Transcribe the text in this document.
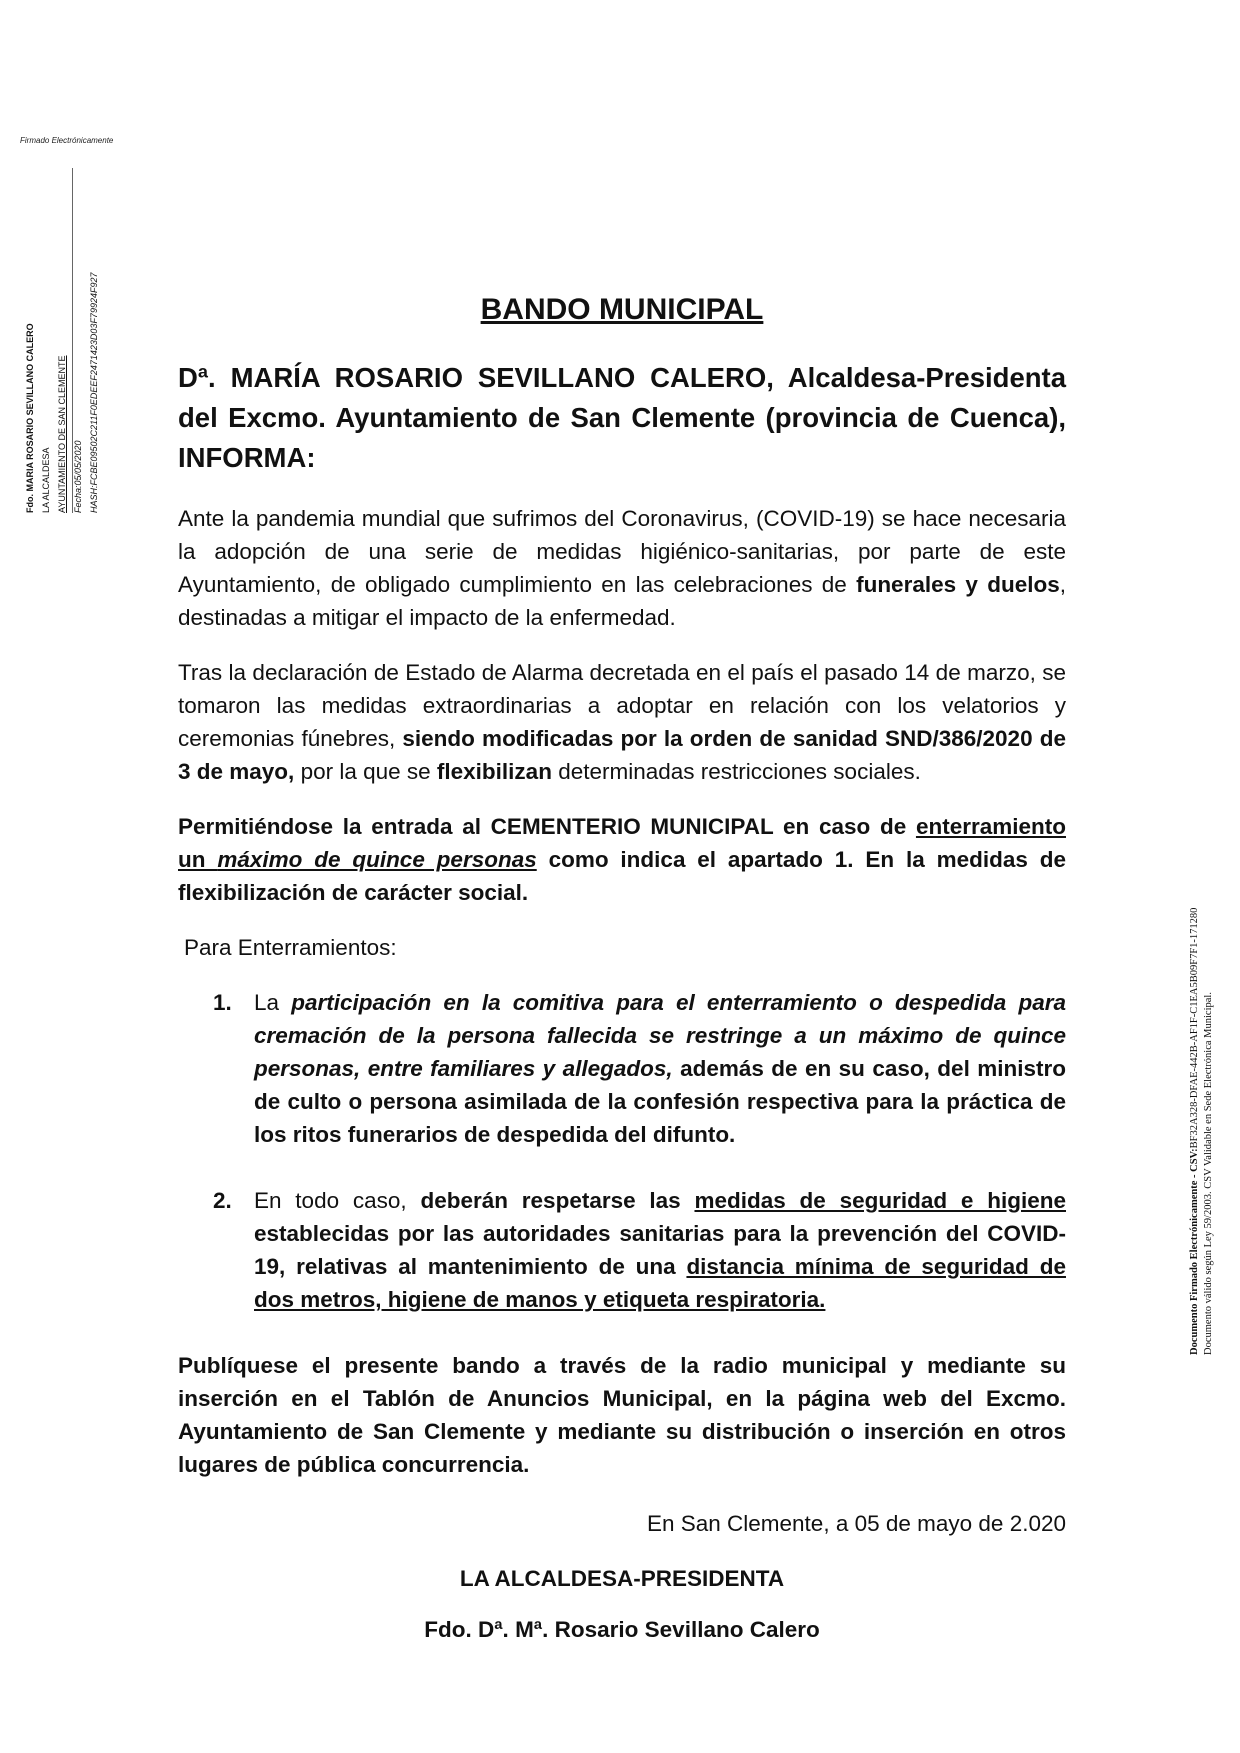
Firmado Electrónicamente
Fdo. MARIA ROSARIO SEVILLANO CALERO LA ALCALDESA AYUNTAMIENTO DE SAN CLEMENTE Fecha:05/05/2020 HASH:FCBE09502C211F0EDEEF2471423D03F79924F927
Documento Firmado Electrónicamente - CSV:BF32A328-DFAE-442B-AF1F-C1EA5B09F7F1-171280 Documento válido según Ley 59/2003. CSV Validable en Sede Electrónica Municipal.
BANDO MUNICIPAL
Dª. MARÍA ROSARIO SEVILLANO CALERO, Alcaldesa-Presidenta del Excmo. Ayuntamiento de San Clemente (provincia de Cuenca), INFORMA:

Ante la pandemia mundial que sufrimos del Coronavirus, (COVID-19) se hace necesaria la adopción de una serie de medidas higiénico-sanitarias, por parte de este Ayuntamiento, de obligado cumplimiento en las celebraciones de funerales y duelos, destinadas a mitigar el impacto de la enfermedad.

Tras la declaración de Estado de Alarma decretada en el país el pasado 14 de marzo, se tomaron las medidas extraordinarias a adoptar en relación con los velatorios y ceremonias fúnebres, siendo modificadas por la orden de sanidad SND/386/2020 de 3 de mayo, por la que se flexibilizan determinadas restricciones sociales.

Permitiéndose la entrada al CEMENTERIO MUNICIPAL en caso de enterramiento un máximo de quince personas como indica el apartado 1. En la medidas de flexibilización de carácter social.

Para Enterramientos:

1. La participación en la comitiva para el enterramiento o despedida para cremación de la persona fallecida se restringe a un máximo de quince personas, entre familiares y allegados, además de en su caso, del ministro de culto o persona asimilada de la confesión respectiva para la práctica de los ritos funerarios de despedida del difunto.
2. En todo caso, deberán respetarse las medidas de seguridad e higiene establecidas por las autoridades sanitarias para la prevención del COVID-19, relativas al mantenimiento de una distancia mínima de seguridad de dos metros, higiene de manos y etiqueta respiratoria.

Publíquese el presente bando a través de la radio municipal y mediante su inserción en el Tablón de Anuncios Municipal, en la página web del Excmo. Ayuntamiento de San Clemente y mediante su distribución o inserción en otros lugares de pública concurrencia.

En San Clemente, a 05 de mayo de 2.020

LA ALCALDESA-PRESIDENTA

Fdo. Dª. Mª. Rosario Sevillano Calero
